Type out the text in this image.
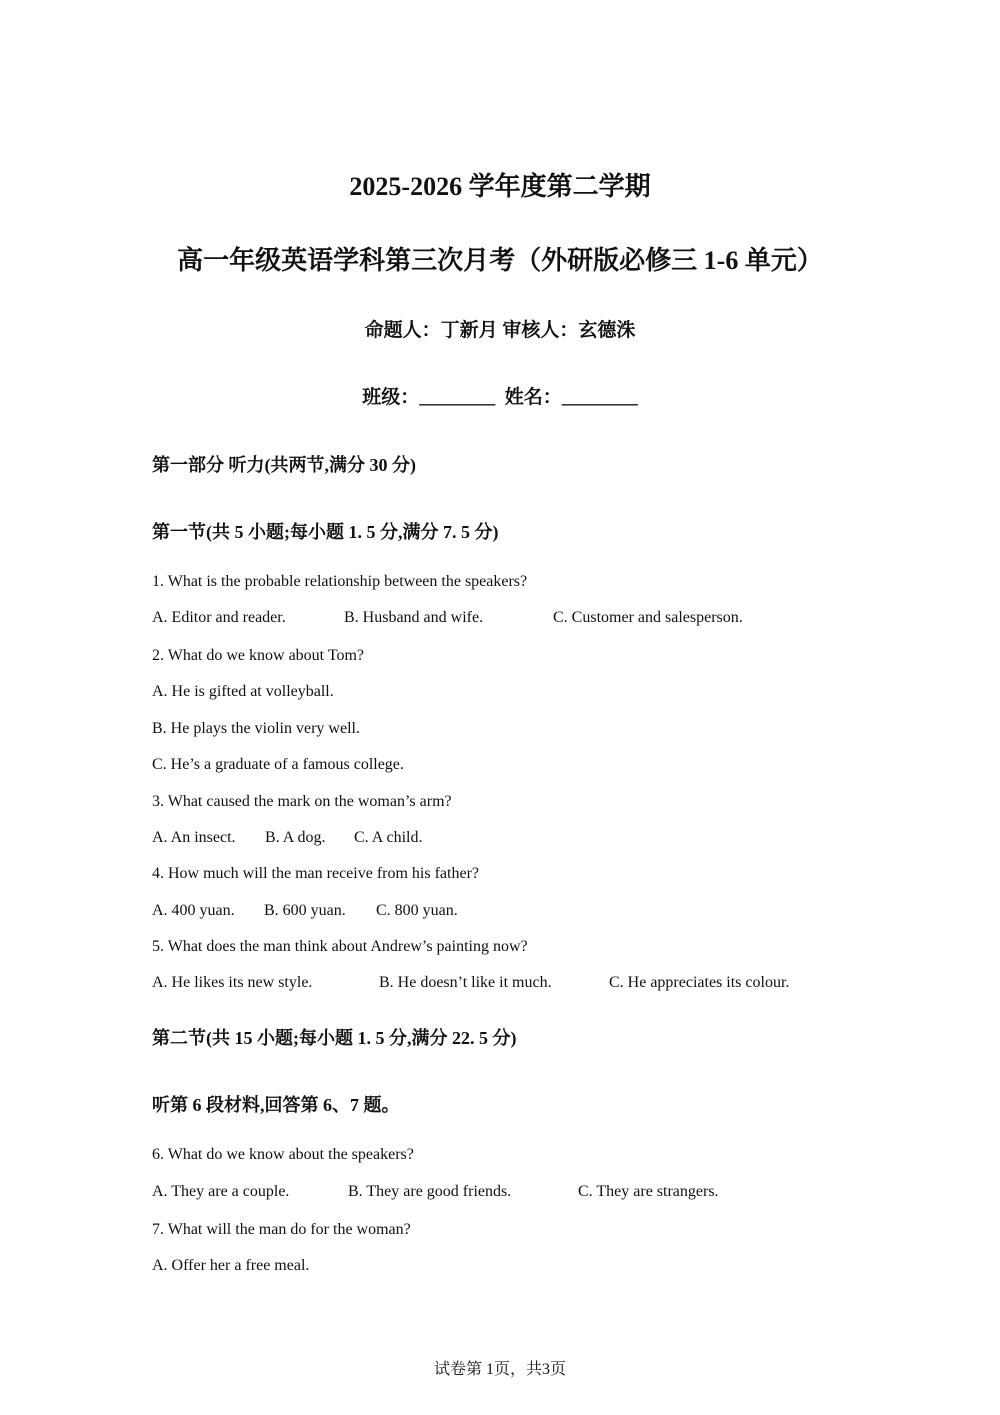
2025-2026 学年度第二学期
高一年级英语学科第三次月考（外研版必修三 1-6 单元）
命题人：丁新月 审核人：玄德洙
班级：________ 姓名：________
第一部分 听力(共两节,满分 30 分)
第一节(共 5 小题;每小题 1. 5 分,满分 7. 5 分)
1. What is the probable relationship between the speakers?
A. Editor and reader.	B. Husband and wife.	C. Customer and salesperson.
2. What do we know about Tom?
A. He is gifted at volleyball.
B. He plays the violin very well.
C. He’s a graduate of a famous college.
3. What caused the mark on the woman’s arm?
A. An insect. B. A dog. C. A child.
4. How much will the man receive from his father?
A. 400 yuan. B. 600 yuan. C. 800 yuan.
5. What does the man think about Andrew’s painting now?
A. He likes its new style.	B. He doesn’t like it much.	C. He appreciates its colour.
第二节(共 15 小题;每小题 1. 5 分,满分 22. 5 分)
听第 6 段材料,回答第 6、7 题。
6. What do we know about the speakers?
A. They are a couple.	B. They are good friends.	C. They are strangers.
7. What will the man do for the woman?
A. Offer her a free meal.
试卷第 1页，共3页
